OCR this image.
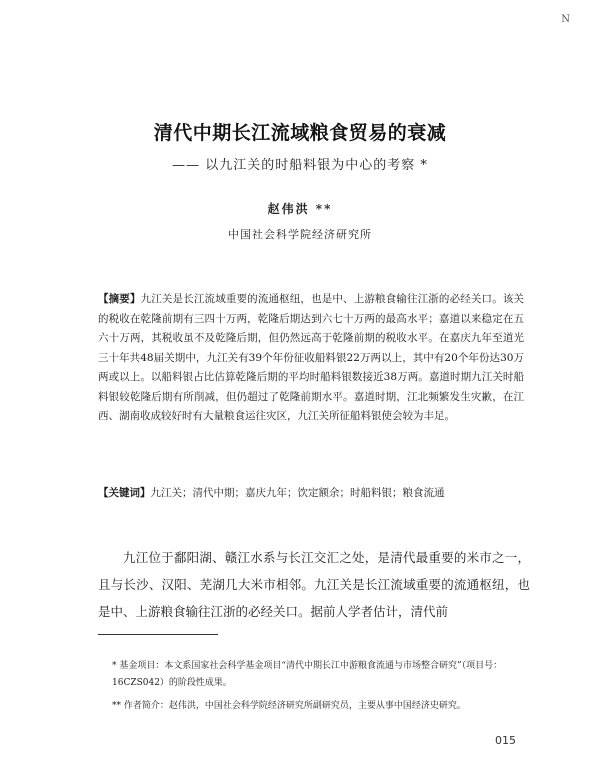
N
清代中期长江流域粮食贸易的衰减
—— 以九江关的时船料银为中心的考察 *
赵伟洪 **
中国社会科学院经济研究所
【摘要】九江关是长江流域重要的流通枢纽，也是中、上游粮食输往江浙的必经关口。该关的税收在乾隆前期有三四十万两，乾隆后期达到六七十万两的最高水平；嘉道以来稳定在五六十万两，其税收虽不及乾隆后期，但仍然远高于乾隆前期的税收水平。在嘉庆九年至道光三十年共48届关期中，九江关有39个年份征收船料银22万两以上，其中有20个年份达30万两或以上。以船料银占比估算乾隆后期的平均时船料银数接近38万两。嘉道时期九江关时船料银较乾隆后期有所削减，但仍超过了乾隆前期水平。嘉道时期，江北频繁发生灾歉，在江西、湖南收成较好时有大量粮食运往灾区，九江关所征船料银使会较为丰足。
【关键词】九江关；清代中期；嘉庆九年；饮定额余；时船料银；粮食流通
九江位于鄱阳湖、赣江水系与长江交汇之处，是清代最重要的米市之一，且与长沙、汉阳、芜湖几大米市相邻。九江关是长江流域重要的流通枢纽，也是中、上游粮食输往江浙的必经关口。据前人学者估计，清代前

* 基金项目：本文系国家社会科学基金项目“清代中期长江中游粮食流通与市场整合研究”（项目号：16CZS042）的阶段性成果。

** 作者简介：赵伟洪，中国社会科学院经济研究所副研究员，主要从事中国经济史研究。

015
